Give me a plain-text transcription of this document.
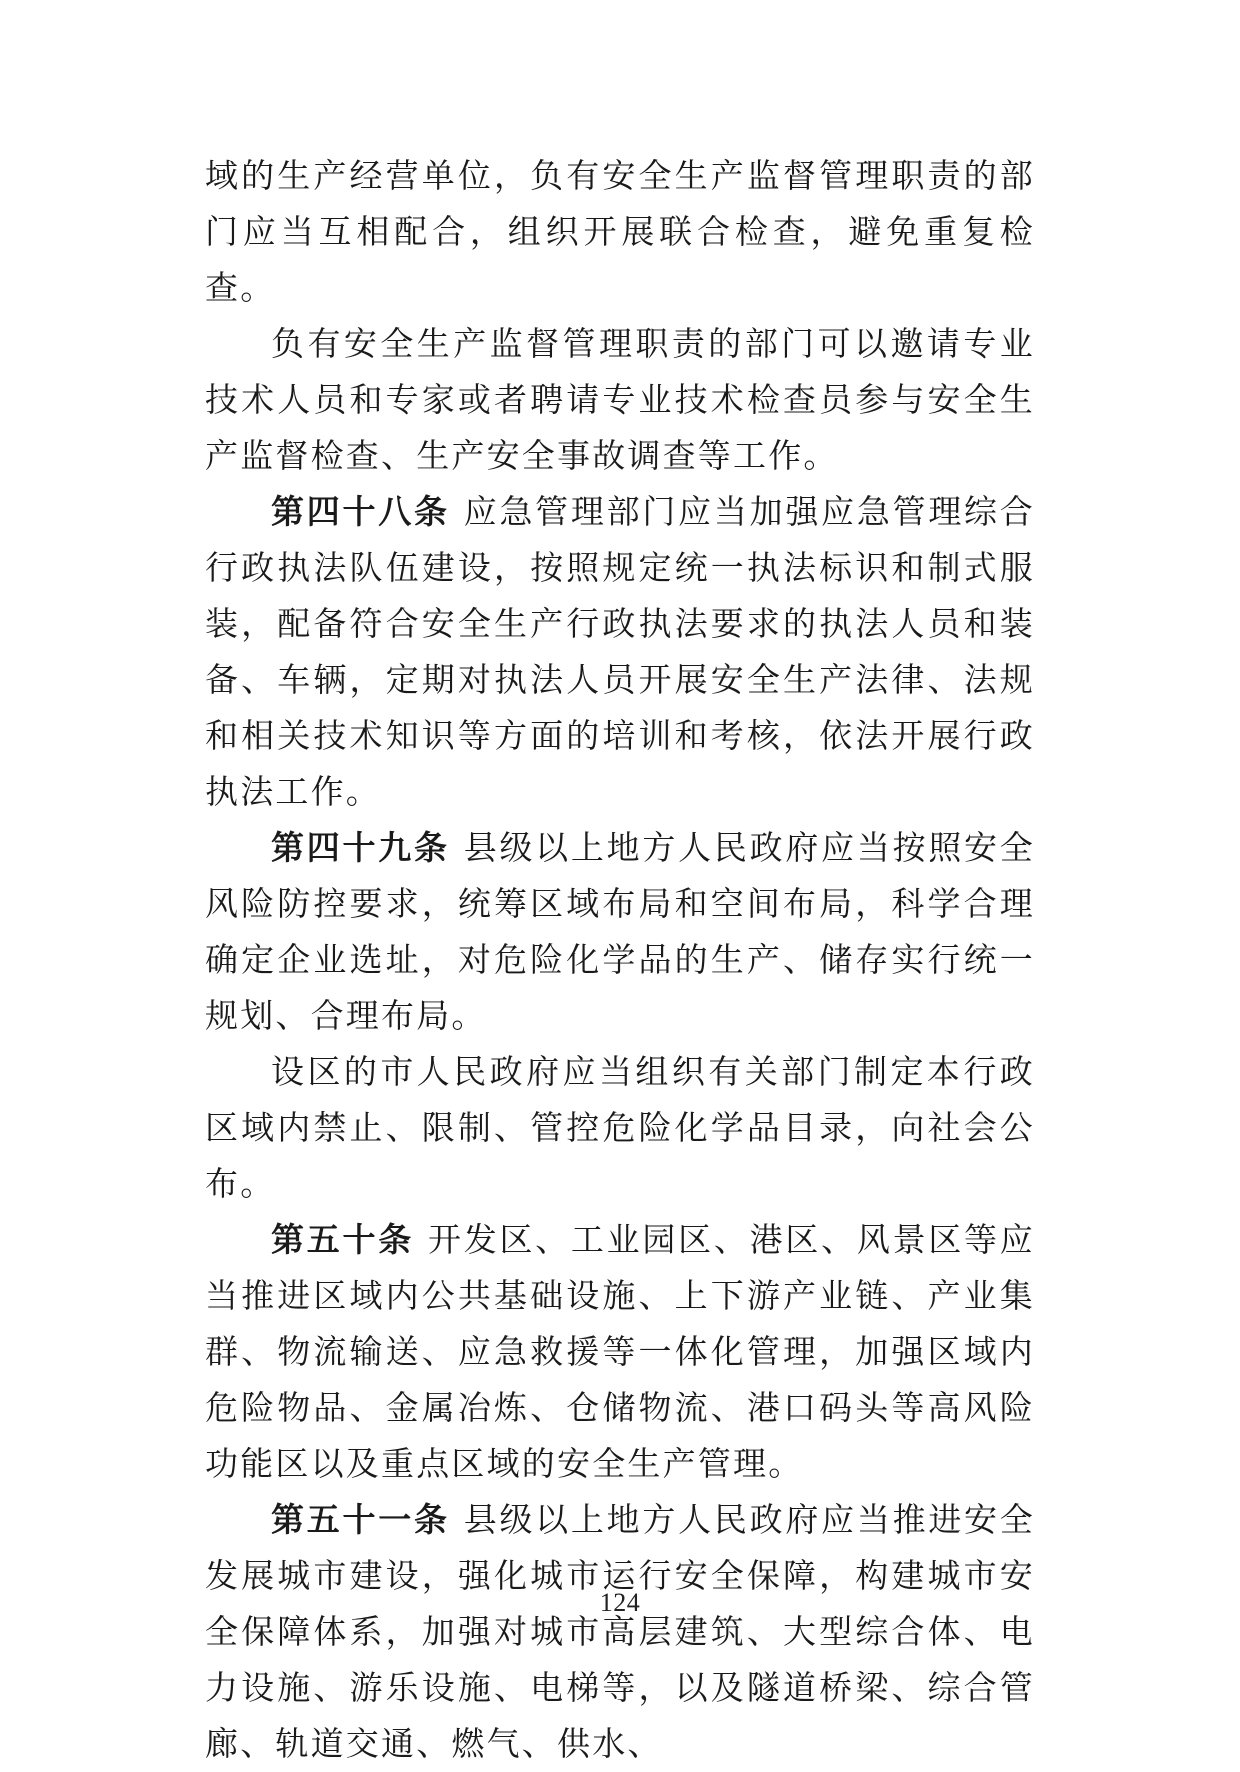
域的生产经营单位，负有安全生产监督管理职责的部门应当互相配合，组织开展联合检查，避免重复检查。

负有安全生产监督管理职责的部门可以邀请专业技术人员和专家或者聘请专业技术检查员参与安全生产监督检查、生产安全事故调查等工作。

第四十八条 应急管理部门应当加强应急管理综合行政执法队伍建设，按照规定统一执法标识和制式服装，配备符合安全生产行政执法要求的执法人员和装备、车辆，定期对执法人员开展安全生产法律、法规和相关技术知识等方面的培训和考核，依法开展行政执法工作。

第四十九条 县级以上地方人民政府应当按照安全风险防控要求，统筹区域布局和空间布局，科学合理确定企业选址，对危险化学品的生产、储存实行统一规划、合理布局。

设区的市人民政府应当组织有关部门制定本行政区域内禁止、限制、管控危险化学品目录，向社会公布。

第五十条 开发区、工业园区、港区、风景区等应当推进区域内公共基础设施、上下游产业链、产业集群、物流输送、应急救援等一体化管理，加强区域内危险物品、金属冶炼、仓储物流、港口码头等高风险功能区以及重点区域的安全生产管理。

第五十一条 县级以上地方人民政府应当推进安全发展城市建设，强化城市运行安全保障，构建城市安全保障体系，加强对城市高层建筑、大型综合体、电力设施、游乐设施、电梯等，以及隧道桥梁、综合管廊、轨道交通、燃气、供水、

124
